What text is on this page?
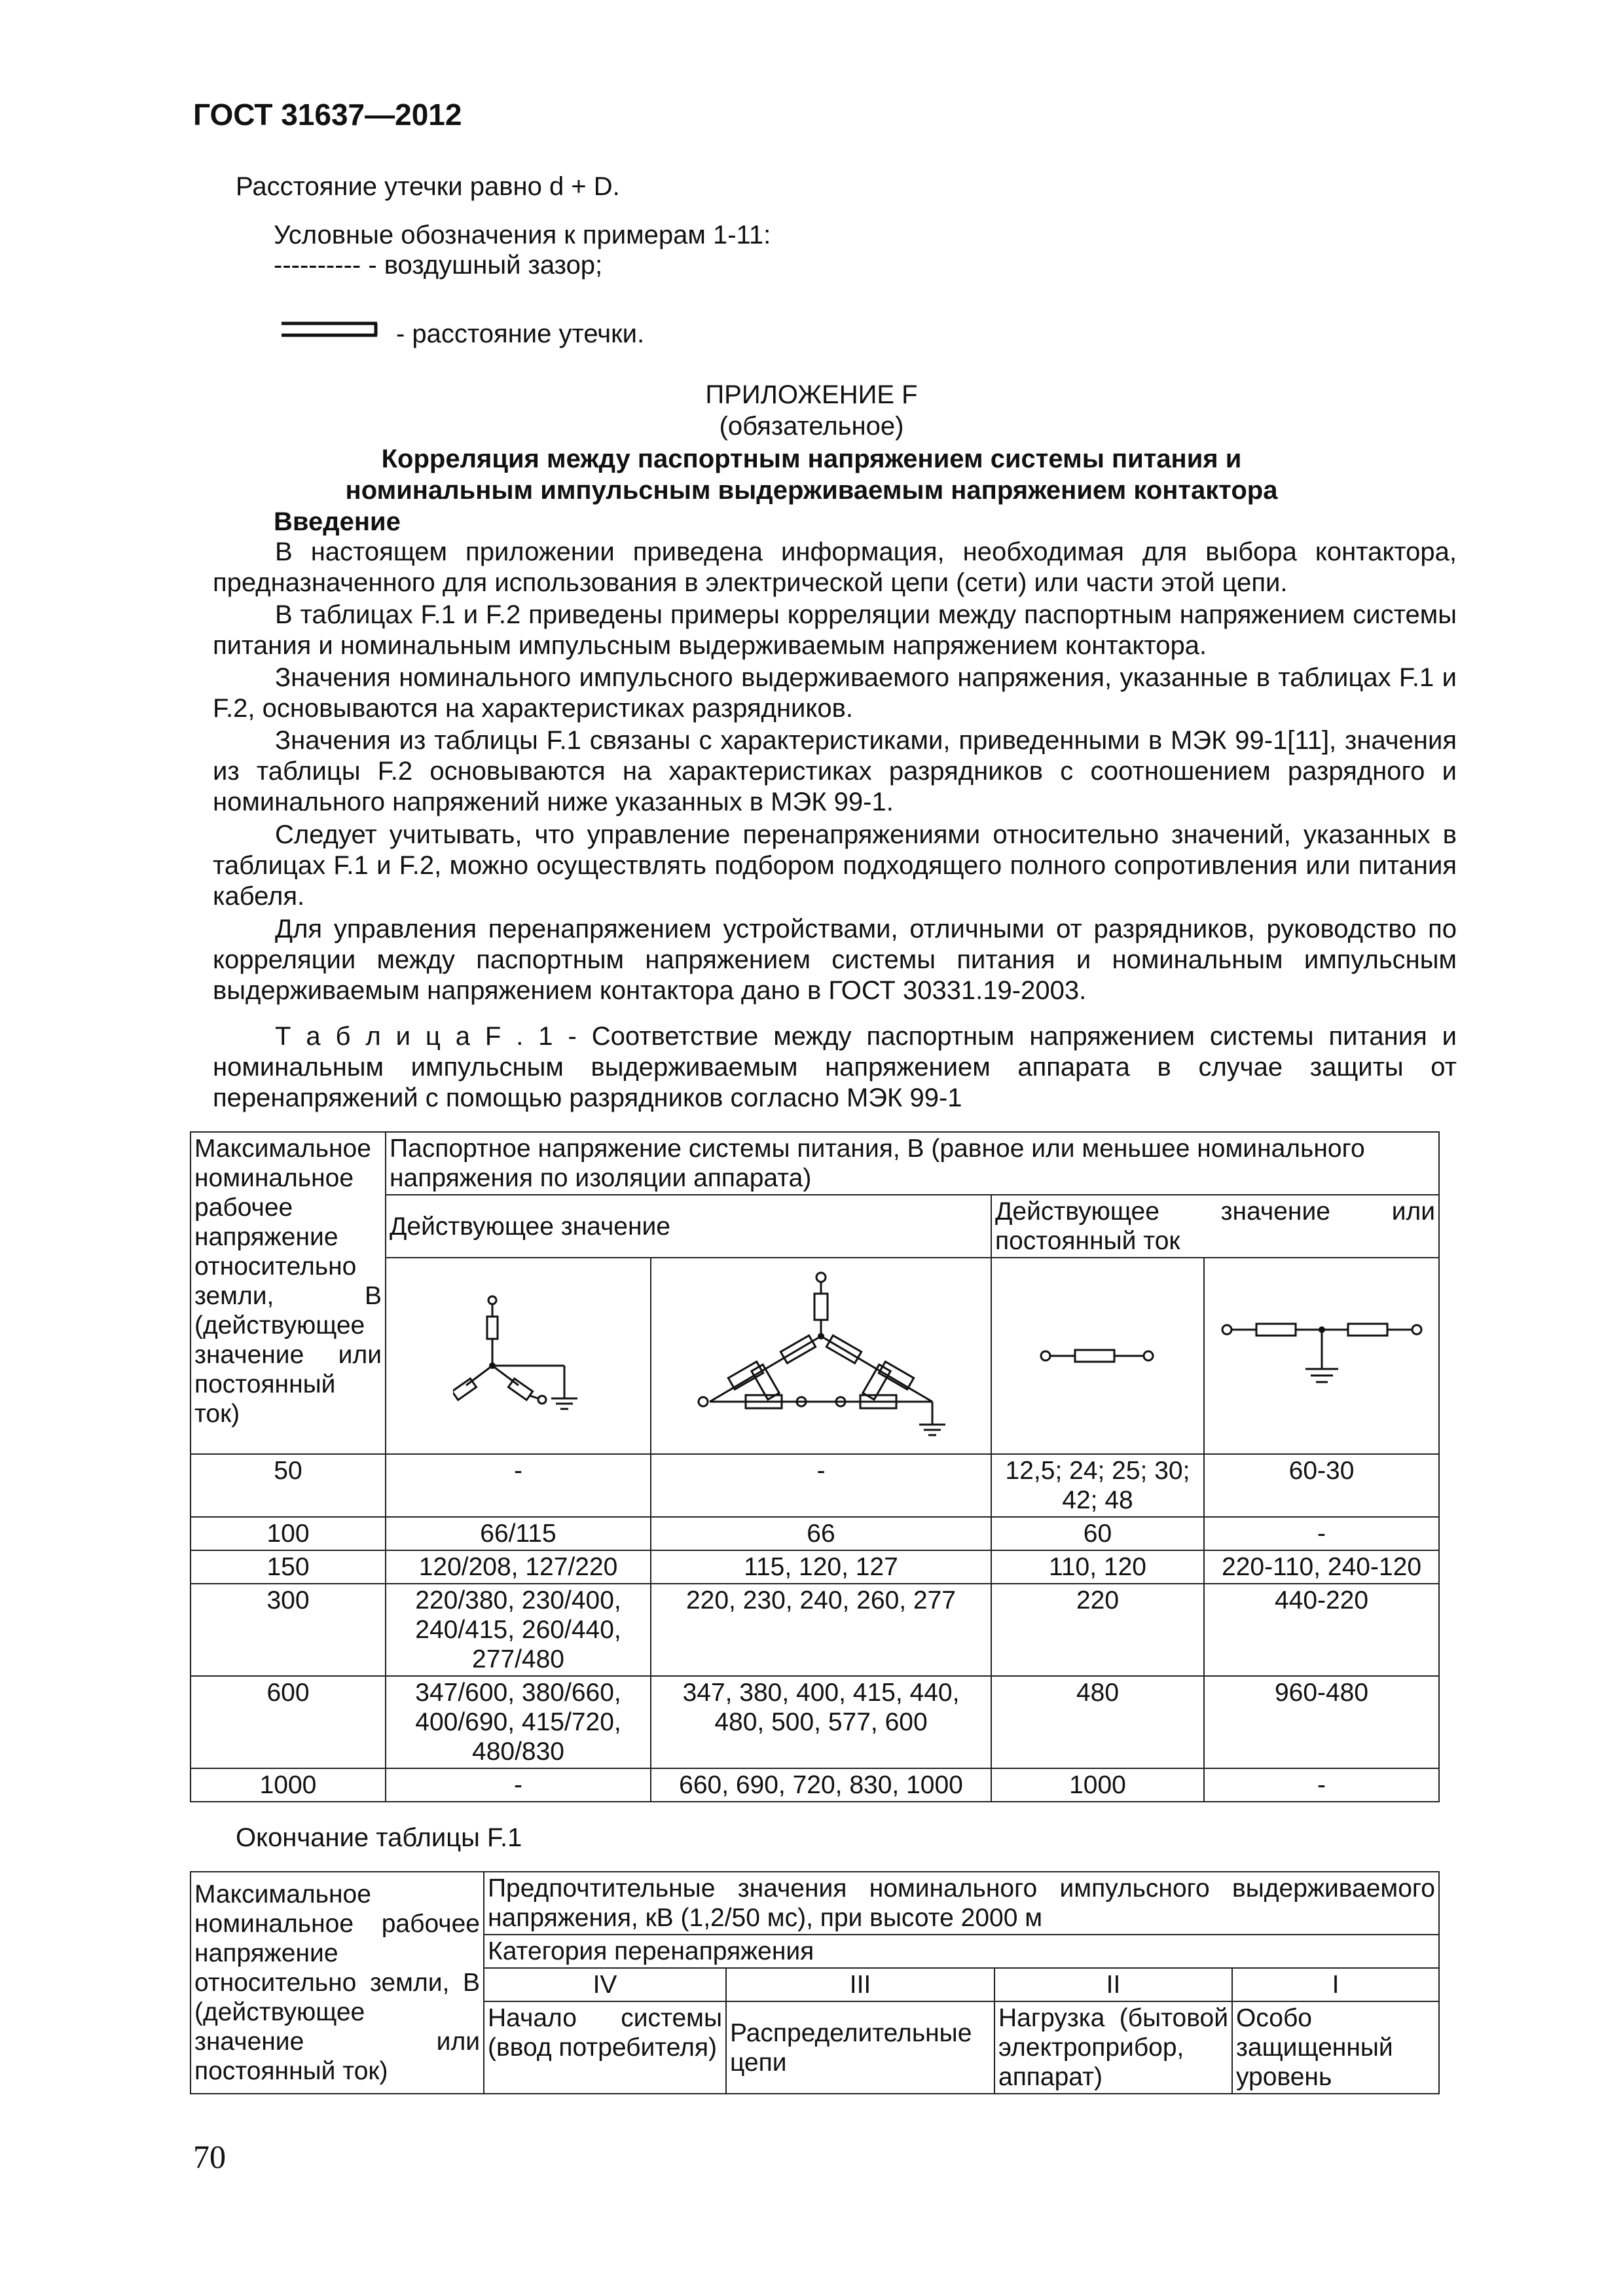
ГОСТ 31637—2012
Расстояние утечки равно d + D.
Условные обозначения к примерам 1-11:
---------- - воздушный зазор;
- расстояние утечки.
ПРИЛОЖЕНИЕ F
(обязательное)
Корреляция между паспортным напряжением системы питания и
номинальным импульсным выдерживаемым напряжением контактора
Введение
В настоящем приложении приведена информация, необходимая для выбора контактора, предназначенного для использования в электрической цепи (сети) или части этой цепи.
В таблицах F.1 и F.2 приведены примеры корреляции между паспортным напряжением системы питания и номинальным импульсным выдерживаемым напряжением контактора.
Значения номинального импульсного выдерживаемого напряжения, указанные в таблицах F.1 и F.2, основываются на характеристиках разрядников.
Значения из таблицы F.1 связаны с характеристиками, приведенными в МЭК 99-1[11], значения из таблицы F.2 основываются на характеристиках разрядников с соотношением разрядного и номинального напряжений ниже указанных в МЭК 99-1.
Следует учитывать, что управление перенапряжениями относительно значений, указанных в таблицах F.1 и F.2, можно осуществлять подбором подходящего полного сопротивления или питания кабеля.
Для управления перенапряжением устройствами, отличными от разрядников, руководство по корреляции между паспортным напряжением системы питания и номинальным импульсным выдерживаемым напряжением контактора дано в ГОСТ 30331.19-2003.
Т а б л и ц а F . 1 - Соответствие между паспортным напряжением системы питания и номинальным импульсным выдерживаемым напряжением аппарата в случае защиты от перенапряжений с помощью разрядников согласно МЭК 99-1
Максимальное номинальное рабочее напряжение относительно земли, В (действующее значение или постоянный ток)	Паспортное напряжение системы питания, В (равное или меньшее номинального напряжения по изоляции аппарата)			
	Действующее значение		Действующее значение или постоянный ток	

50	-	-	12,5; 24; 25; 30; 42; 48	60-30
100	66/115	66	60	-
150	120/208, 127/220	115, 120, 127	110, 120	220-110, 240-120
300	220/380, 230/400, 240/415, 260/440, 277/480	220, 230, 240, 260, 277	220	440-220
600	347/600, 380/660, 400/690, 415/720, 480/830	347, 380, 400, 415, 440, 480, 500, 577, 600	480	960-480
1000	-	660, 690, 720, 830, 1000	1000	-
Окончание таблицы F.1
Максимальное номинальное рабочее напряжение относительно земли, В (действующее значение или постоянный ток)	Предпочтительные значения номинального импульсного выдерживаемого напряжения, кВ (1,2/50 мс), при высоте 2000 м			
	Категория перенапряжения			
	IV	III	II	I
	Начало системы (ввод потребителя)	Распределительные цепи	Нагрузка (бытовой электроприбор, аппарат)	Особо защищенный уровень
70
